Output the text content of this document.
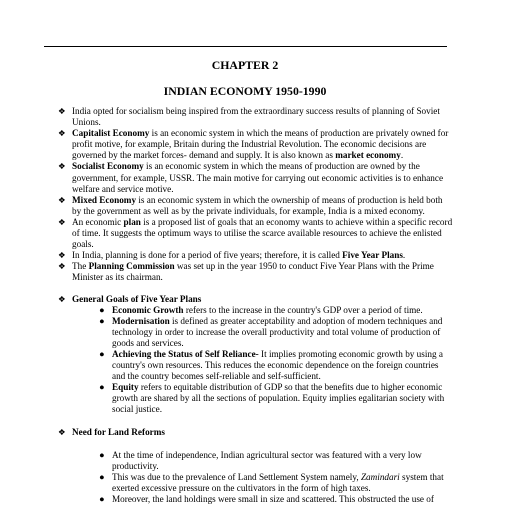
CHAPTER 2
INDIAN ECONOMY 1950-1990

❖ India opted for socialism being inspired from the extraordinary success results of planning of Soviet Unions.

❖ Capitalist Economy is an economic system in which the means of production are privately owned for profit motive, for example, Britain during the Industrial Revolution. The economic decisions are governed by the market forces- demand and supply. It is also known as market economy.

❖ Socialist Economy is an economic system in which the means of production are owned by the government, for example, USSR. The main motive for carrying out economic activities is to enhance welfare and service motive.

❖ Mixed Economy is an economic system in which the ownership of means of production is held both by the government as well as by the private individuals, for example, India is a mixed economy.

❖ An economic plan is a proposed list of goals that an economy wants to achieve within a specific record of time. It suggests the optimum ways to utilise the scarce available resources to achieve the enlisted goals.

❖ In India, planning is done for a period of five years; therefore, it is called Five Year Plans.

❖ The Planning Commission was set up in the year 1950 to conduct Five Year Plans with the Prime Minister as its chairman.

❖ General Goals of Five Year Plans

● Economic Growth refers to the increase in the country's GDP over a period of time.

● Modernisation is defined as greater acceptability and adoption of modern techniques and technology in order to increase the overall productivity and total volume of production of goods and services.

● Achieving the Status of Self Reliance- It implies promoting economic growth by using a country's own resources. This reduces the economic dependence on the foreign countries and the country becomes self-reliable and self-sufficient.

● Equity refers to equitable distribution of GDP so that the benefits due to higher economic growth are shared by all the sections of population. Equity implies egalitarian society with social justice.

❖ Need for Land Reforms

● At the time of independence, Indian agricultural sector was featured with a very low productivity.

● This was due to the prevalence of Land Settlement System namely, Zamindari system that exerted excessive pressure on the cultivators in the form of high taxes.

● Moreover, the land holdings were small in size and scattered. This obstructed the use of
